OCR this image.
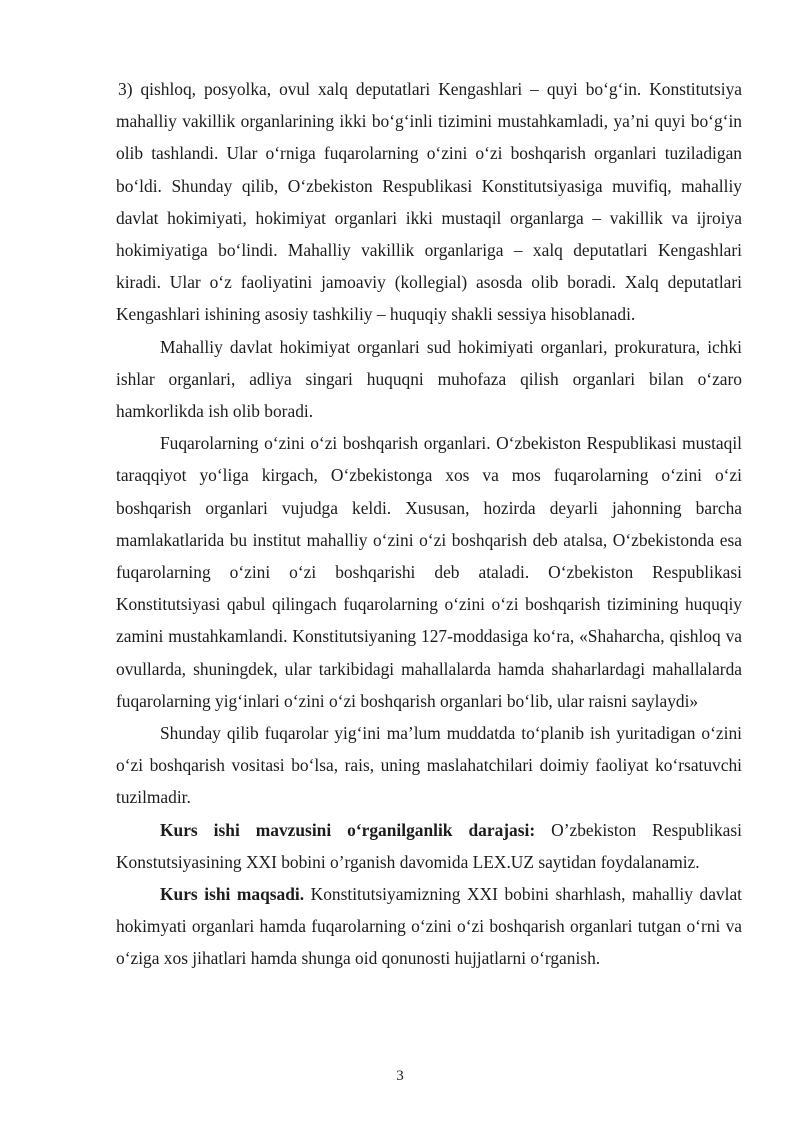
3) qishloq, posyolka, ovul xalq deputatlari Kengashlari – quyi bo‘g‘in. Konstitutsiya mahalliy vakillik organlarining ikki bo‘g‘inli tizimini mustahkamladi, ya’ni quyi bo‘g‘in olib tashlandi. Ular o‘rniga fuqarolarning o‘zini o‘zi boshqarish organlari tuziladigan bo‘ldi. Shunday qilib, O‘zbekiston Respublikasi Konstitutsiyasiga muvifiq, mahalliy davlat hokimiyati, hokimiyat organlari ikki mustaqil organlarga – vakillik va ijroiya hokimiyatiga bo‘lindi. Mahalliy vakillik organlariga – xalq deputatlari Kengashlari kiradi. Ular o‘z faoliyatini jamoaviy (kollegial) asosda olib boradi. Xalq deputatlari Kengashlari ishining asosiy tashkiliy – huquqiy shakli sessiya hisoblanadi.

Mahalliy davlat hokimiyat organlari sud hokimiyati organlari, prokuratura, ichki ishlar organlari, adliya singari huquqni muhofaza qilish organlari bilan o‘zaro hamkorlikda ish olib boradi.

Fuqarolarning o‘zini o‘zi boshqarish organlari. O‘zbekiston Respublikasi mustaqil taraqqiyot yo‘liga kirgach, O‘zbekistonga xos va mos fuqarolarning o‘zini o‘zi boshqarish organlari vujudga keldi. Xususan, hozirda deyarli jahonning barcha mamlakatlarida bu institut mahalliy o‘zini o‘zi boshqarish deb atalsa, O‘zbekistonda esa fuqarolarning o‘zini o‘zi boshqarishi deb ataladi. O‘zbekiston Respublikasi Konstitutsiyasi qabul qilingach fuqarolarning o‘zini o‘zi boshqarish tizimining huquqiy zamini mustahkamlandi. Konstitutsiyaning 127-moddasiga ko‘ra, «Shaharcha, qishloq va ovullarda, shuningdek, ular tarkibidagi mahallalarda hamda shaharlardagi mahallalarda fuqarolarning yig‘inlari o‘zini o‘zi boshqarish organlari bo‘lib, ular raisni saylaydi»

Shunday qilib fuqarolar yig‘ini ma’lum muddatda to‘planib ish yuritadigan o‘zini o‘zi boshqarish vositasi bo‘lsa, rais, uning maslahatchilari doimiy faoliyat ko‘rsatuvchi tuzilmadir.

Kurs ishi mavzusini o‘rganilganlik darajasi: O’zbekiston Respublikasi Konstutsiyasining XXI bobini o’rganish davomida LEX.UZ saytidan foydalanamiz.

Kurs ishi maqsadi. Konstitutsiyamizning XXI bobini sharhlash, mahalliy davlat hokimyati organlari hamda fuqarolarning o‘zini o‘zi boshqarish organlari tutgan o‘rni va o‘ziga xos jihatlari hamda shunga oid qonunosti hujjatlarni o‘rganish.

3
